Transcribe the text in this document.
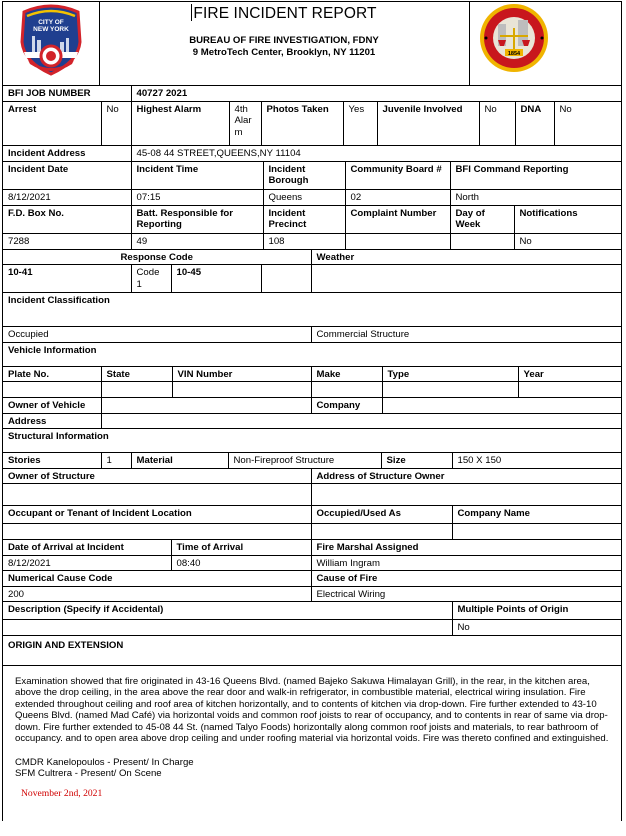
CITY OF
NEW YORK

FIRE INCIDENT REPORT
BUREAU OF FIRE INVESTIGATION, FDNY
9 MetroTech Center, Brooklyn, NY 11201	1854
BFI JOB NUMBER	40727 2021
Arrest	No	Highest Alarm	4th Alar m	Photos Taken	Yes	Juvenile Involved	No	DNA	No
Incident Address	45-08 44 STREET,QUEENS,NY 11104
Incident Date	Incident Time	Incident Borough	Community Board #	BFI Command Reporting
8/12/2021	07:15	Queens	02	North
F.D. Box No.	Batt. Responsible for Reporting	Incident Precinct	Complaint Number	Day of Week	Notifications
7288	49	108			No
Response Code				Weather
10-41	Code 1	10-45		
Incident Classification
Occupied	Commercial Structure
Vehicle Information					
Plate No.	State	VIN Number	Make	Type	Year

Owner of Vehicle		Company	
Address			
Structural Information
Stories	1	Material	Non-Fireproof Structure	Size	150 X 150
Owner of Structure	Address of Structure Owner	

Occupant or Tenant of Incident Location	Occupied/Used As	Company Name

Date of Arrival at Incident	Time of Arrival	Fire Marshal Assigned
8/12/2021	08:40	William Ingram
Numerical Cause Code	Cause of Fire	
200	Electrical Wiring	
Description (Specify if Accidental)		Multiple Points of Origin
		No
ORIGIN AND EXTENSION

Examination showed that fire originated in 43-16 Queens Blvd. (named Bajeko Sakuwa Himalayan Grill), in the rear, in the kitchen area, above the drop ceiling, in the area above the rear door and walk-in refrigerator, in combustible material, electrical wiring insulation. Fire extended throughout ceiling and roof area of kitchen horizontally, and to contents of kitchen via drop-down. Fire further extended to 43-10 Queens Blvd. (named Mad Café) via horizontal voids and common roof joists to rear of occupancy, and to contents in rear of same via drop-down. Fire further extended to 45-08 44 St. (named Talyo Foods) horizontally along common roof joists and materials, to rear bathroom of occupancy. and to open area above drop ceiling and under roofing material via horizontal voids. Fire was thereto confined and extinguished.

CMDR Kanelopoulos - Present/ In Charge
SFM Cultrera - Present/ On Scene
November 2nd, 2021
